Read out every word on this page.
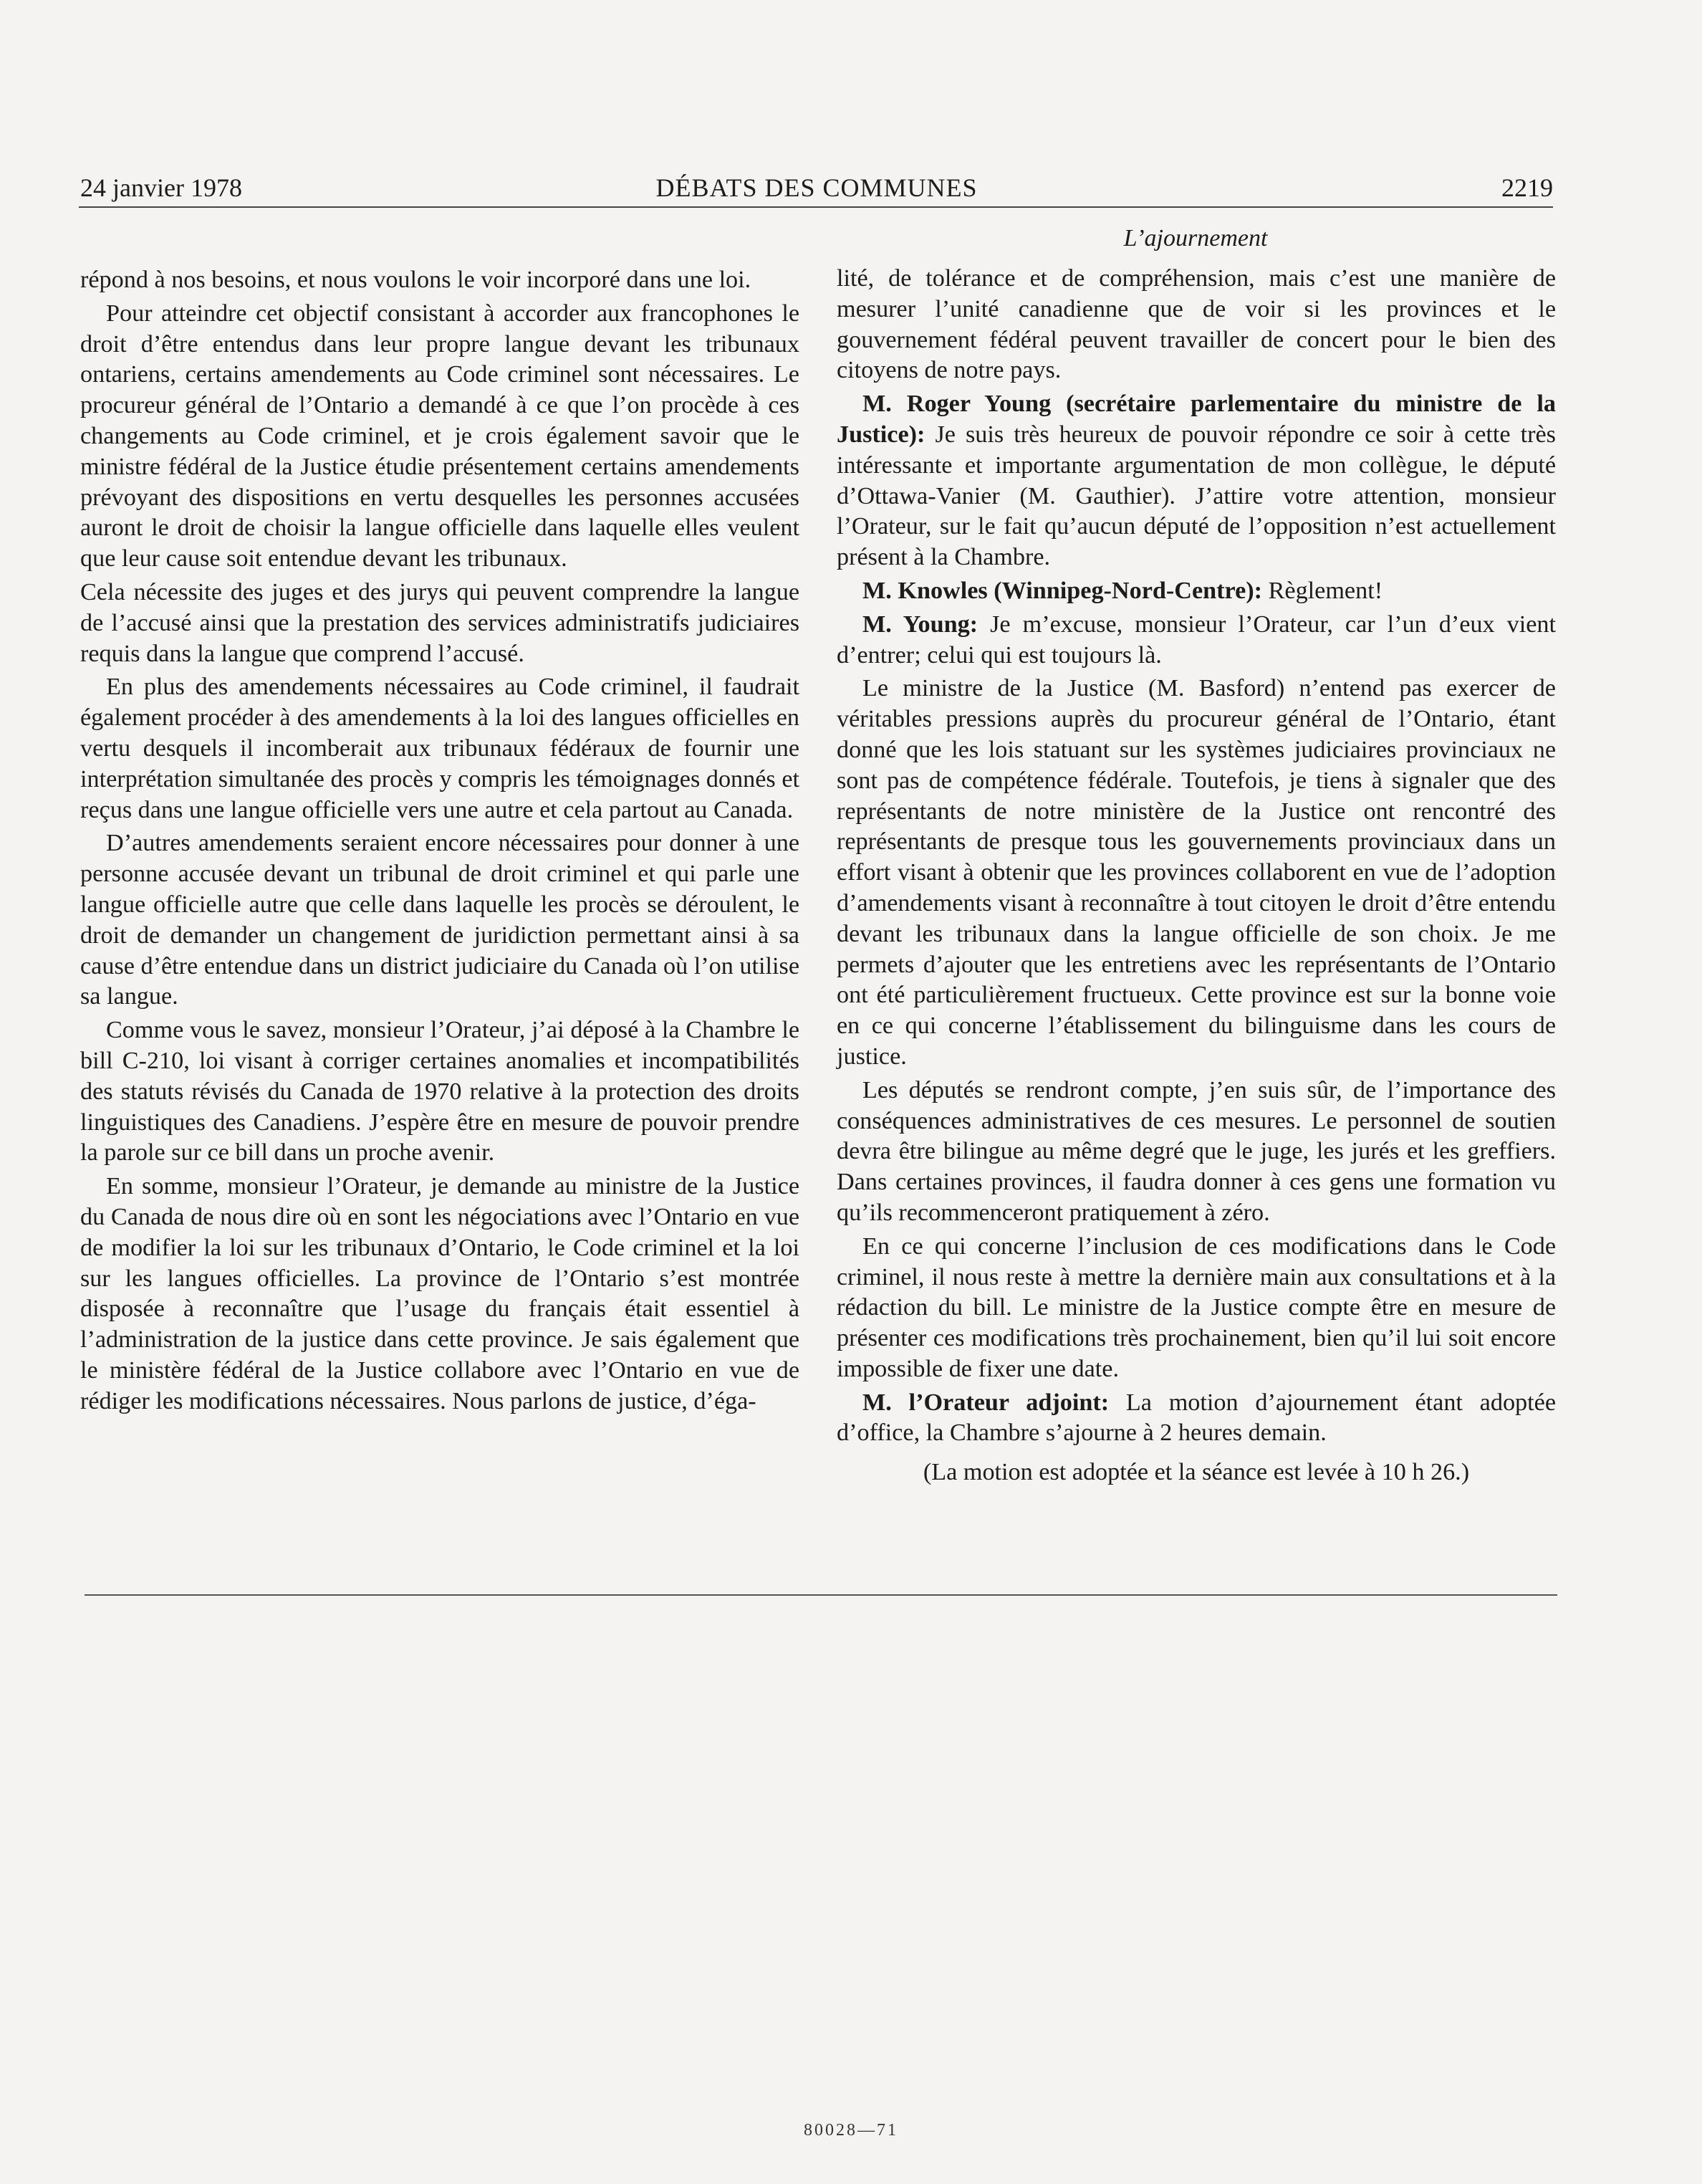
24 janvier 1978	DÉBATS DES COMMUNES	2219
L’ajournement

répond à nos besoins, et nous voulons le voir incorporé dans une loi.

Pour atteindre cet objectif consistant à accorder aux francophones le droit d’être entendus dans leur propre langue devant les tribunaux ontariens, certains amendements au Code criminel sont nécessaires. Le procureur général de l’Ontario a demandé à ce que l’on procède à ces changements au Code criminel, et je crois également savoir que le ministre fédéral de la Justice étudie présentement certains amendements prévoyant des dispositions en vertu desquelles les personnes accusées auront le droit de choisir la langue officielle dans laquelle elles veulent que leur cause soit entendue devant les tribunaux.

Cela nécessite des juges et des jurys qui peuvent comprendre la langue de l’accusé ainsi que la prestation des services administratifs judiciaires requis dans la langue que comprend l’accusé.

En plus des amendements nécessaires au Code criminel, il faudrait également procéder à des amendements à la loi des langues officielles en vertu desquels il incomberait aux tribunaux fédéraux de fournir une interprétation simultanée des procès y compris les témoignages donnés et reçus dans une langue officielle vers une autre et cela partout au Canada.

D’autres amendements seraient encore nécessaires pour donner à une personne accusée devant un tribunal de droit criminel et qui parle une langue officielle autre que celle dans laquelle les procès se déroulent, le droit de demander un changement de juridiction permettant ainsi à sa cause d’être entendue dans un district judiciaire du Canada où l’on utilise sa langue.

Comme vous le savez, monsieur l’Orateur, j’ai déposé à la Chambre le bill C-210, loi visant à corriger certaines anomalies et incompatibilités des statuts révisés du Canada de 1970 relative à la protection des droits linguistiques des Canadiens. J’espère être en mesure de pouvoir prendre la parole sur ce bill dans un proche avenir.

En somme, monsieur l’Orateur, je demande au ministre de la Justice du Canada de nous dire où en sont les négociations avec l’Ontario en vue de modifier la loi sur les tribunaux d’Ontario, le Code criminel et la loi sur les langues officielles. La province de l’Ontario s’est montrée disposée à reconnaître que l’usage du français était essentiel à l’administration de la justice dans cette province. Je sais également que le ministère fédéral de la Justice collabore avec l’Ontario en vue de rédiger les modifications nécessaires. Nous parlons de justice, d’éga-

lité, de tolérance et de compréhension, mais c’est une manière de mesurer l’unité canadienne que de voir si les provinces et le gouvernement fédéral peuvent travailler de concert pour le bien des citoyens de notre pays.

M. Roger Young (secrétaire parlementaire du ministre de la Justice): Je suis très heureux de pouvoir répondre ce soir à cette très intéressante et importante argumentation de mon collègue, le député d’Ottawa-Vanier (M. Gauthier). J’attire votre attention, monsieur l’Orateur, sur le fait qu’aucun député de l’opposition n’est actuellement présent à la Chambre.

M. Knowles (Winnipeg-Nord-Centre): Règlement!

M. Young: Je m’excuse, monsieur l’Orateur, car l’un d’eux vient d’entrer; celui qui est toujours là.

Le ministre de la Justice (M. Basford) n’entend pas exercer de véritables pressions auprès du procureur général de l’Ontario, étant donné que les lois statuant sur les systèmes judiciaires provinciaux ne sont pas de compétence fédérale. Toutefois, je tiens à signaler que des représentants de notre ministère de la Justice ont rencontré des représentants de presque tous les gouvernements provinciaux dans un effort visant à obtenir que les provinces collaborent en vue de l’adoption d’amendements visant à reconnaître à tout citoyen le droit d’être entendu devant les tribunaux dans la langue officielle de son choix. Je me permets d’ajouter que les entretiens avec les représentants de l’Ontario ont été particulièrement fructueux. Cette province est sur la bonne voie en ce qui concerne l’établissement du bilinguisme dans les cours de justice.

Les députés se rendront compte, j’en suis sûr, de l’importance des conséquences administratives de ces mesures. Le personnel de soutien devra être bilingue au même degré que le juge, les jurés et les greffiers. Dans certaines provinces, il faudra donner à ces gens une formation vu qu’ils recommenceront pratiquement à zéro.

En ce qui concerne l’inclusion de ces modifications dans le Code criminel, il nous reste à mettre la dernière main aux consultations et à la rédaction du bill. Le ministre de la Justice compte être en mesure de présenter ces modifications très prochainement, bien qu’il lui soit encore impossible de fixer une date.

M. l’Orateur adjoint: La motion d’ajournement étant adoptée d’office, la Chambre s’ajourne à 2 heures demain.

(La motion est adoptée et la séance est levée à 10 h 26.)

80028—71
